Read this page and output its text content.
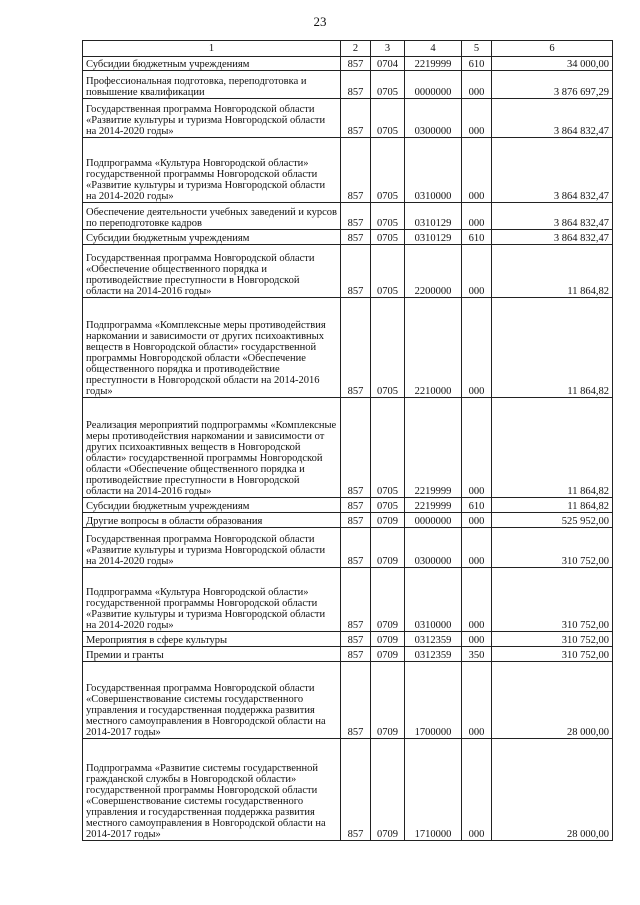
23
1	2	3	4	5	6
Субсидии бюджетным учреждениям	857	0704	2219999	610	34 000,00
Профессиональная подготовка, переподготовка и повышение квалификации	857	0705	0000000	000	3 876 697,29
Государственная программа Новгородской области «Развитие культуры и туризма Новгородской области на 2014-2020 годы»	857	0705	0300000	000	3 864 832,47
Подпрограмма «Культура Новгородской области» государственной программы Новгородской области «Развитие культуры и туризма Новгородской области на 2014-2020 годы»	857	0705	0310000	000	3 864 832,47
Обеспечение деятельности учебных заведений и курсов по переподготовке кадров	857	0705	0310129	000	3 864 832,47
Субсидии бюджетным учреждениям	857	0705	0310129	610	3 864 832,47
Государственная программа Новгородской области «Обеспечение общественного порядка и противодействие преступности в Новгородской области на 2014-2016 годы»	857	0705	2200000	000	11 864,82
Подпрограмма «Комплексные меры противодействия наркомании и зависимости от других психоактивных веществ в Новгородской области» государственной программы Новгородской области «Обеспечение общественного порядка и противодействие преступности в Новгородской области на 2014-2016 годы»	857	0705	2210000	000	11 864,82
Реализация мероприятий подпрограммы «Комплексные меры противодействия наркомании и зависимости от других психоактивных веществ в Новгородской области» государственной программы Новгородской области «Обеспечение общественного порядка и противодействие преступности в Новгородской области на 2014-2016 годы»	857	0705	2219999	000	11 864,82
Субсидии бюджетным учреждениям	857	0705	2219999	610	11 864,82
Другие вопросы в области образования	857	0709	0000000	000	525 952,00
Государственная программа Новгородской области «Развитие культуры и туризма Новгородской области на 2014-2020 годы»	857	0709	0300000	000	310 752,00
Подпрограмма «Культура Новгородской области» государственной программы Новгородской области «Развитие культуры и туризма Новгородской области на 2014-2020 годы»	857	0709	0310000	000	310 752,00
Мероприятия в сфере культуры	857	0709	0312359	000	310 752,00
Премии и гранты	857	0709	0312359	350	310 752,00
Государственная программа Новгородской области «Совершенствование системы государственного управления и государственная поддержка развития местного самоуправления в Новгородской области на 2014-2017 годы»	857	0709	1700000	000	28 000,00
Подпрограмма «Развитие системы государственной гражданской службы в Новгородской области» государственной программы Новгородской области «Совершенствование системы государственного управления и государственная поддержка развития местного самоуправления в Новгородской области на 2014-2017 годы»	857	0709	1710000	000	28 000,00
